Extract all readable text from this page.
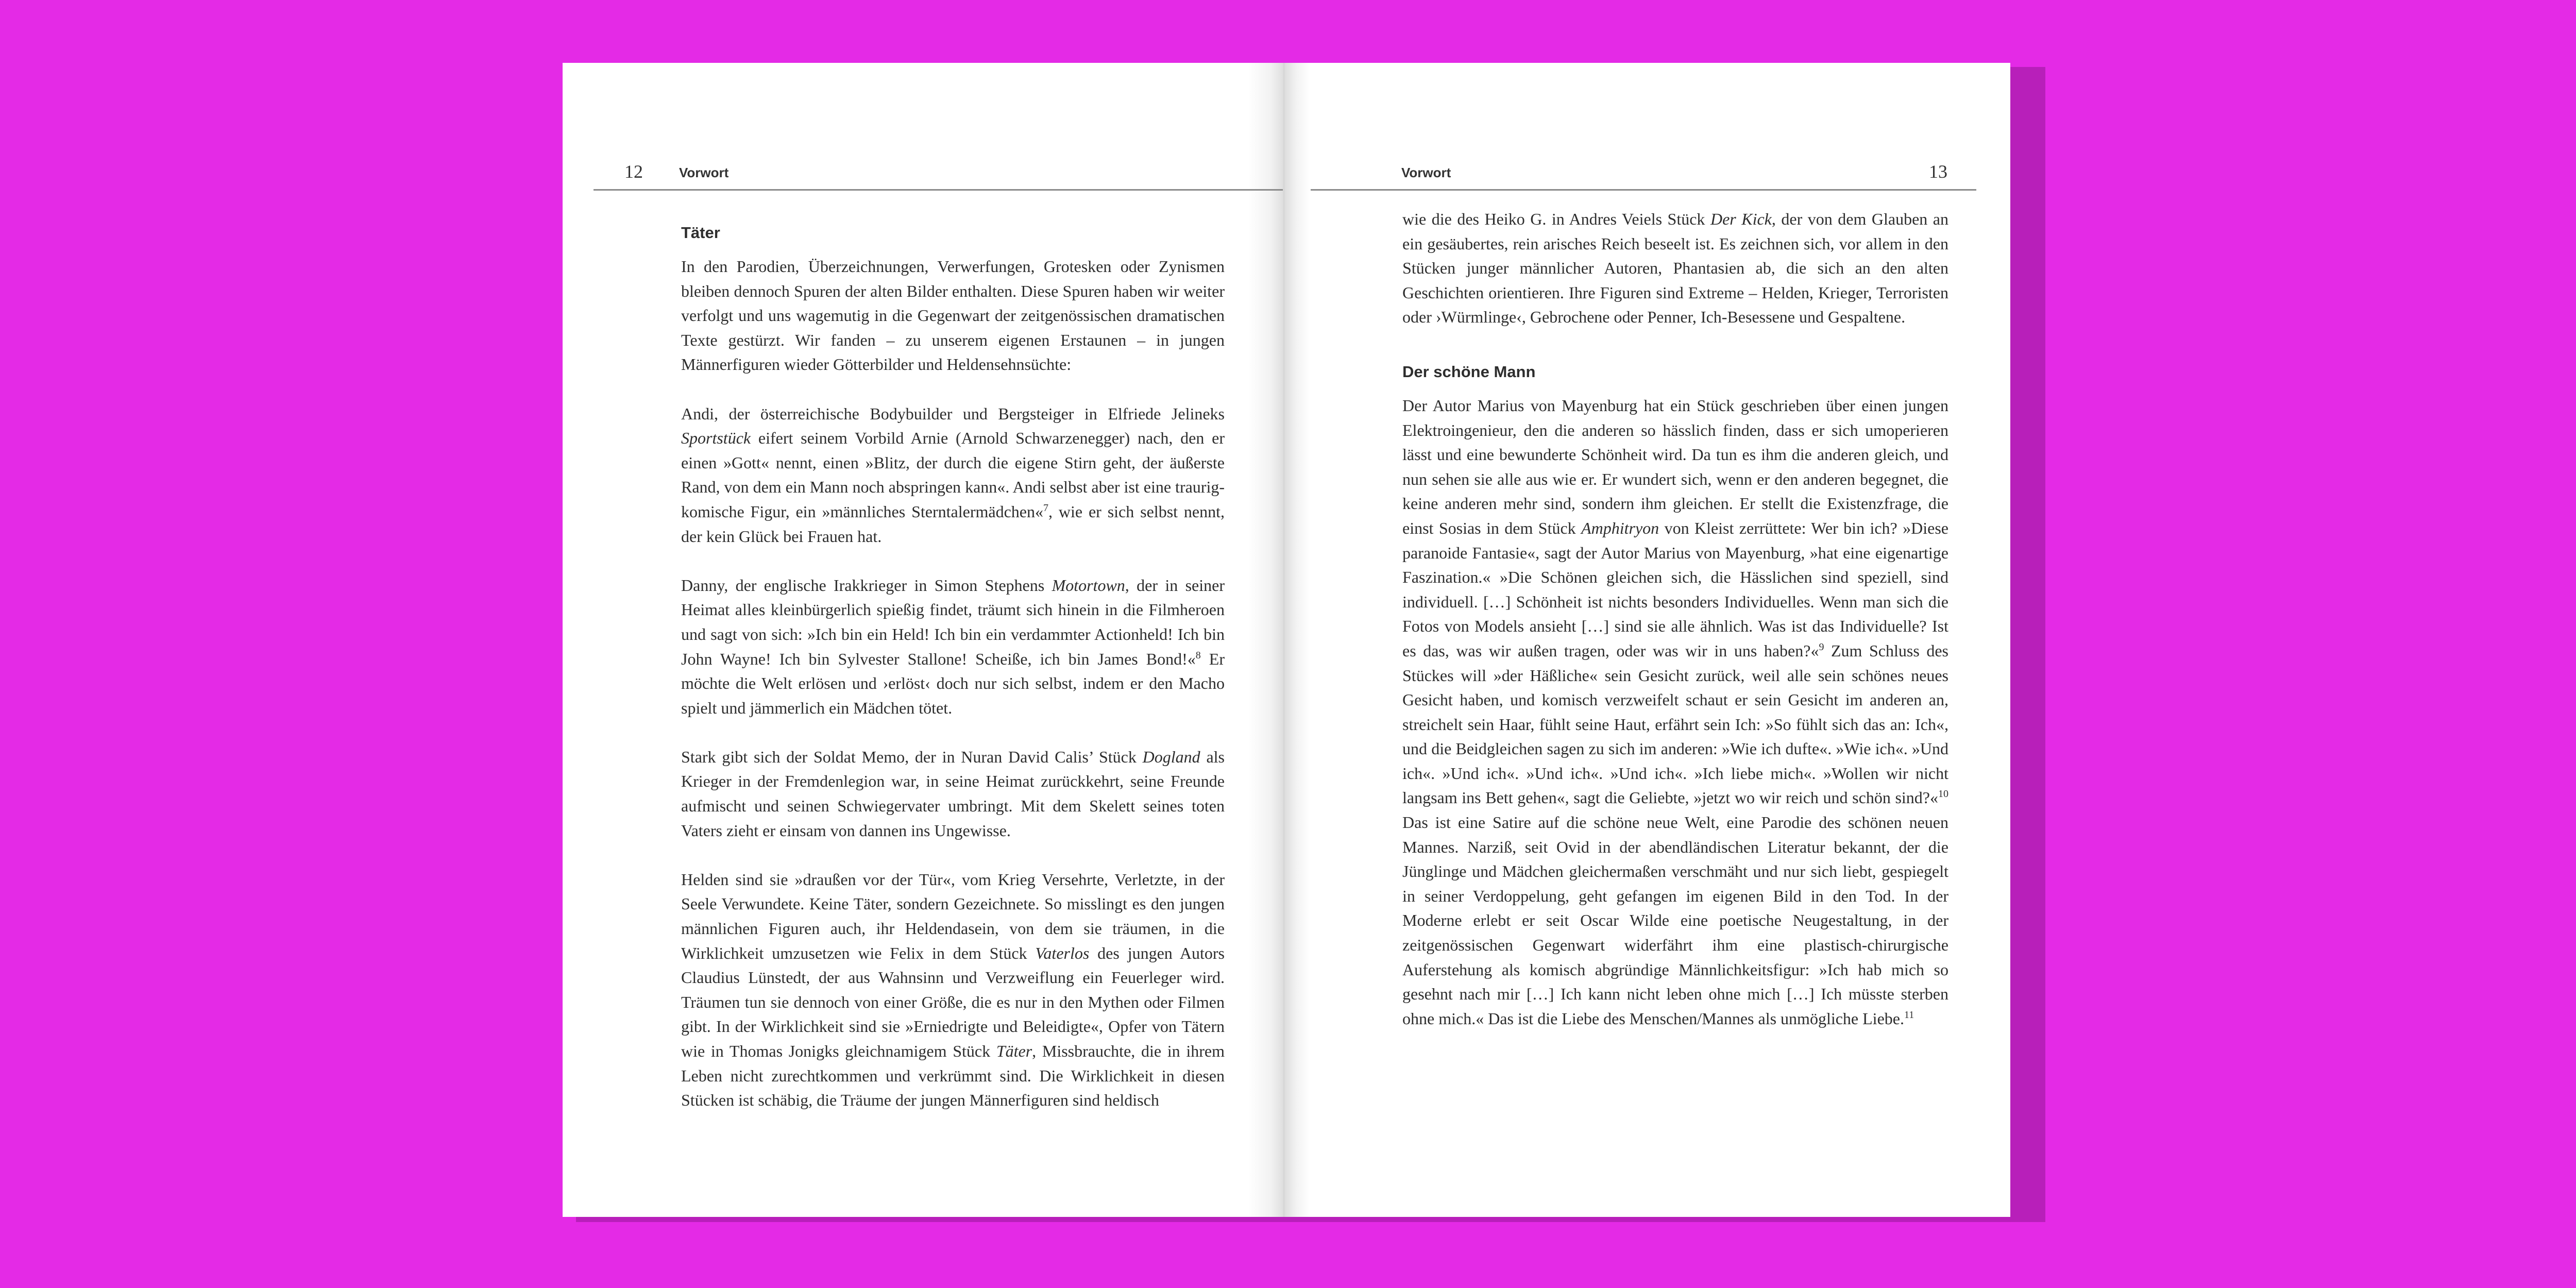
12	Vorwort
Täter
In den Parodien, Überzeichnungen, Verwerfungen, Grotesken oder Zynismen bleiben dennoch Spuren der alten Bilder enthalten. Diese Spuren haben wir weiter verfolgt und uns wagemutig in die Gegenwart der zeitgenössischen dramatischen Texte gestürzt. Wir fanden – zu unserem eigenen Erstaunen – in jungen Männerfiguren wieder Götterbilder und Heldensehnsüchte:
Andi, der österreichische Bodybuilder und Bergsteiger in Elfriede Jelineks Sportstück eifert seinem Vorbild Arnie (Arnold Schwarzenegger) nach, den er einen »Gott« nennt, einen »Blitz, der durch die eigene Stirn geht, der äußerste Rand, von dem ein Mann noch abspringen kann«. Andi selbst aber ist eine traurig-komische Figur, ein »männliches Sterntalermädchen«$^7$, wie er sich selbst nennt, der kein Glück bei Frauen hat.
Danny, der englische Irakkrieger in Simon Stephens Motortown, der in seiner Heimat alles kleinbürgerlich spießig findet, träumt sich hinein in die Filmheroen und sagt von sich: »Ich bin ein Held! Ich bin ein verdammter Actionheld! Ich bin John Wayne! Ich bin Sylvester Stallone! Scheiße, ich bin James Bond!«$^8$ Er möchte die Welt erlösen und ›erlöst‹ doch nur sich selbst, indem er den Macho spielt und jämmerlich ein Mädchen tötet.
Stark gibt sich der Soldat Memo, der in Nuran David Calis’ Stück Dogland als Krieger in der Fremdenlegion war, in seine Heimat zurückkehrt, seine Freunde aufmischt und seinen Schwiegervater umbringt. Mit dem Skelett seines toten Vaters zieht er einsam von dannen ins Ungewisse.
Helden sind sie »draußen vor der Tür«, vom Krieg Versehrte, Verletzte, in der Seele Verwundete. Keine Täter, sondern Gezeichnete. So misslingt es den jungen männlichen Figuren auch, ihr Heldendasein, von dem sie träumen, in die Wirklichkeit umzusetzen wie Felix in dem Stück Vaterlos des jungen Autors Claudius Lünstedt, der aus Wahnsinn und Verzweiflung ein Feuerleger wird. Träumen tun sie dennoch von einer Größe, die es nur in den Mythen oder Filmen gibt. In der Wirklichkeit sind sie »Erniedrigte und Beleidigte«, Opfer von Tätern wie in Thomas Jonigks gleichnamigem Stück Täter, Missbrauchte, die in ihrem Leben nicht zurechtkommen und verkrümmt sind. Die Wirklichkeit in diesen Stücken ist schäbig, die Träume der jungen Männerfiguren sind heldisch
Vorwort	13
wie die des Heiko G. in Andres Veiels Stück Der Kick, der von dem Glauben an ein gesäubertes, rein arisches Reich beseelt ist. Es zeichnen sich, vor allem in den Stücken junger männlicher Autoren, Phantasien ab, die sich an den alten Geschichten orientieren. Ihre Figuren sind Extreme – Helden, Krieger, Terroristen oder ›Würmlinge‹, Gebrochene oder Penner, Ich-Besessene und Gespaltene.
Der schöne Mann
Der Autor Marius von Mayenburg hat ein Stück geschrieben über einen jungen Elektroingenieur, den die anderen so hässlich finden, dass er sich umoperieren lässt und eine bewunderte Schönheit wird. Da tun es ihm die anderen gleich, und nun sehen sie alle aus wie er. Er wundert sich, wenn er den anderen begegnet, die keine anderen mehr sind, sondern ihm gleichen. Er stellt die Existenzfrage, die einst Sosias in dem Stück Amphitryon von Kleist zerrüttete: Wer bin ich? »Diese paranoide Fantasie«, sagt der Autor Marius von Mayenburg, »hat eine eigenartige Faszination.« »Die Schönen gleichen sich, die Hässlichen sind speziell, sind individuell. […] Schönheit ist nichts besonders Individuelles. Wenn man sich die Fotos von Models ansieht […] sind sie alle ähnlich. Was ist das Individuelle? Ist es das, was wir außen tragen, oder was wir in uns haben?«$^9$ Zum Schluss des Stückes will »der Häßliche« sein Gesicht zurück, weil alle sein schönes neues Gesicht haben, und komisch verzweifelt schaut er sein Gesicht im anderen an, streichelt sein Haar, fühlt seine Haut, erfährt sein Ich: »So fühlt sich das an: Ich«, und die Beidgleichen sagen zu sich im anderen: »Wie ich dufte«. »Wie ich«. »Und ich«. »Und ich«. »Und ich«. »Und ich«. »Ich liebe mich«. »Wollen wir nicht langsam ins Bett gehen«, sagt die Geliebte, »jetzt wo wir reich und schön sind?«$^{10}$ Das ist eine Satire auf die schöne neue Welt, eine Parodie des schönen neuen Mannes. Narziß, seit Ovid in der abendländischen Literatur bekannt, der die Jünglinge und Mädchen gleichermaßen verschmäht und nur sich liebt, gespiegelt in seiner Verdoppelung, geht gefangen im eigenen Bild in den Tod. In der Moderne erlebt er seit Oscar Wilde eine poetische Neugestaltung, in der zeitgenössischen Gegenwart widerfährt ihm eine plastisch-chirurgische Auferstehung als komisch abgründige Männlichkeitsfigur: »Ich hab mich so gesehnt nach mir […] Ich kann nicht leben ohne mich […] Ich müsste sterben ohne mich.« Das ist die Liebe des Menschen/Mannes als unmögliche Liebe.$^{11}$
